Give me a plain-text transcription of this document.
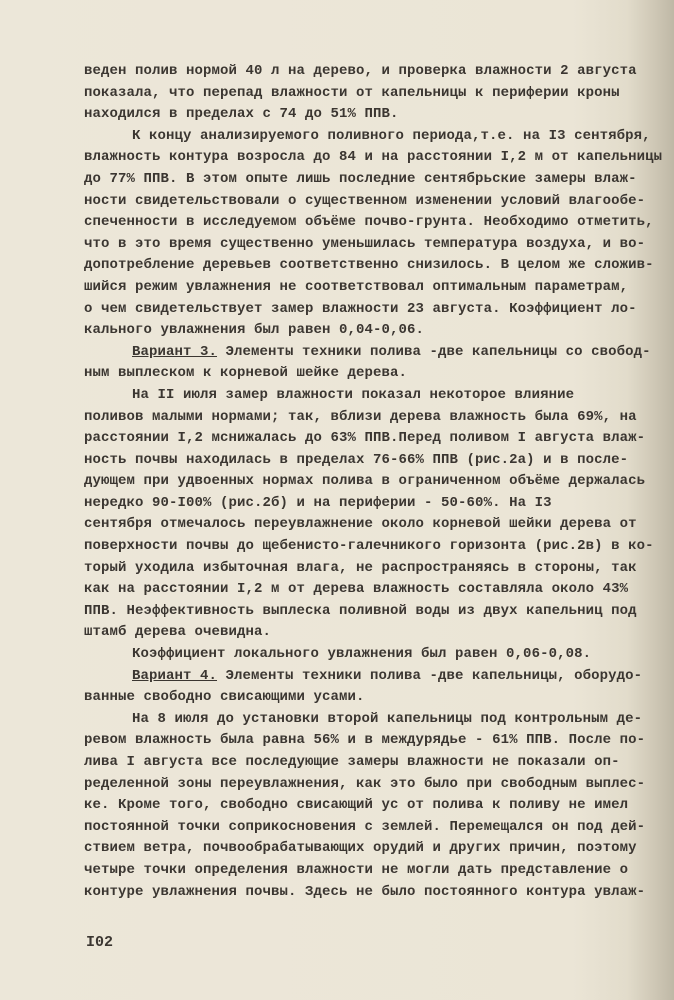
веден полив нормой 40 л на дерево, и проверка влажности 2 августа
показала, что перепад влажности от капельницы к периферии кроны
находился в пределах с 74 до 51% ППВ.
К концу анализируемого поливного периода,т.е. на I3 сентября,
влажность контура возросла до 84 и на расстоянии I,2 м от капельницы
до 77% ППВ. В этом опыте лишь последние сентябрьские замеры влаж-
ности свидетельствовали о существенном изменении условий влагообе-
спеченности в исследуемом объёме почво-грунта. Необходимо отметить,
что в это время существенно уменьшилась температура воздуха, и во-
допотребление деревьев соответственно снизилось. В целом же сложив-
шийся режим увлажнения не соответствовал оптимальным параметрам,
о чем свидетельствует замер влажности 23 августа. Коэффициент ло-
кального увлажнения был равен 0,04-0,06.
Вариант 3. Элементы техники полива -две капельницы со свобод-
ным выплеском к корневой шейке дерева.
На II июля замер влажности показал некоторое влияние
поливов малыми нормами; так, вблизи дерева влажность была 69%, на
расстоянии I,2 мснижалась до 63% ППВ.Перед поливом I августа влаж-
ность почвы находилась в пределах 76-66% ППВ (рис.2а) и в после-
дующем при удвоенных нормах полива в ограниченном объёме держалась
нередко 90-I00% (рис.2б) и на периферии - 50-60%. На I3
сентября отмечалось переувлажнение около корневой шейки дерева от
поверхности почвы до щебенисто-галечникого горизонта (рис.2в) в ко-
торый уходила избыточная влага, не распространяясь в стороны, так
как на расстоянии I,2 м от дерева влажность составляла около 43%
ППВ. Неэффективность выплеска поливной воды из двух капельниц под
штамб дерева очевидна.
Коэффициент локального увлажнения был равен 0,06-0,08.
Вариант 4. Элементы техники полива -две капельницы, оборудо-
ванные свободно свисающими усами.
На 8 июля до установки второй капельницы под контрольным де-
ревом влажность была равна 56% и в междурядье - 61% ППВ. После по-
лива I августа все последующие замеры влажности не показали оп-
ределенной зоны переувлажнения, как это было при свободным выплес-
ке. Кроме того, свободно свисающий ус от полива к поливу не имел
постоянной точки соприкосновения с землей. Перемещался он под дей-
ствием ветра, почвообрабатывающих орудий и других причин, поэтому
четыре точки определения влажности не могли дать представление о
контуре увлажнения почвы. Здесь не было постоянного контура увлаж-
I02
